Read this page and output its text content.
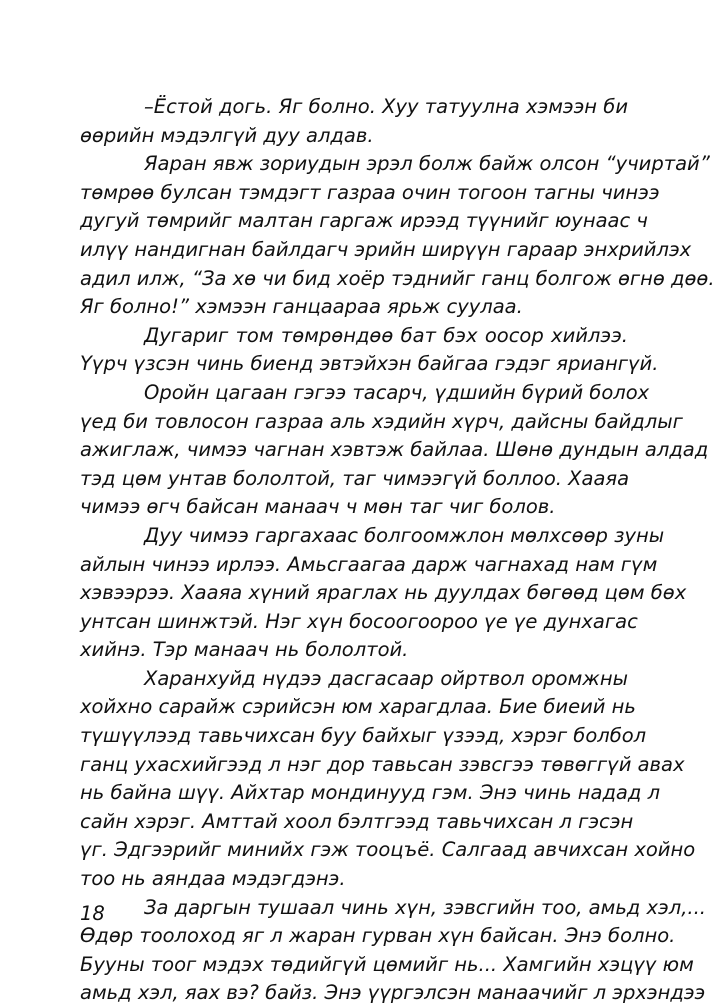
–Ёстой догь. Яг болно. Хуу татуулна хэмээн би
өөрийн мэдэлгүй дуу алдав.
Яаран явж зориудын эрэл болж байж олсон “учиртай”
төмрөө булсан тэмдэгт газраа очин тогоон тагны чинээ
дугуй төмрийг малтан гаргаж ирээд түүнийг юунаас ч
илүү нандигнан байлдагч эрийн ширүүн гараар энхрийлэх
адил илж, “За хө чи бид хоёр тэднийг ганц болгож өгнө дөө.
Яг болно!” хэмээн ганцаараа ярьж суулаа.
Дугариг том төмрөндөө бат бэх оосор хийлээ.
Үүрч үзсэн чинь биенд эвтэйхэн байгаа гэдэг яриангүй.
Оройн цагаан гэгээ тасарч, үдшийн бүрий болох
үед би товлосон газраа аль хэдийн хүрч, дайсны байдлыг
ажиглаж, чимээ чагнан хэвтэж байлаа. Шөнө дундын алдад
тэд цөм унтав бололтой, таг чимээгүй боллоо. Хааяа
чимээ өгч байсан манаач ч мөн таг чиг болов.
Дуу чимээ гаргахаас болгоомжлон мөлхсөөр зуны
айлын чинээ ирлээ. Амьсгаагаа дарж чагнахад нам гүм
хэвээрээ. Хааяа хүний яраглах нь дуулдах бөгөөд цөм бөх
унтсан шинжтэй. Нэг хүн босоогоороо үе үе дунхагас
хийнэ. Тэр манаач нь бололтой.
Харанхуйд нүдээ дасгасаар ойртвол оромжны
хойхно сарайж сэрийсэн юм харагдлаа. Бие биеий нь
түшүүлээд тавьчихсан буу байхыг үзээд, хэрэг болбол
ганц ухасхийгээд л нэг дор тавьсан зэвсгээ төвөггүй авах
нь байна шүү. Айхтар мондинууд гэм. Энэ чинь надад л
сайн хэрэг. Амттай хоол бэлтгээд тавьчихсан л гэсэн
үг. Эдгээрийг минийх гэж тооцъё. Салгаад авчихсан хойно
тоо нь аяндаа мэдэгдэнэ.
За даргын тушаал чинь хүн, зэвсгийн тоо, амьд хэл,...
Өдөр тоолоход яг л жаран гурван хүн байсан. Энэ болно.
Бууны тоог мэдэх төдийгүй цөмийг нь... Хамгийн хэцүү юм
амьд хэл, яах вэ? байз. Энэ үүргэлсэн манаачийг л эрхэндээ
18
